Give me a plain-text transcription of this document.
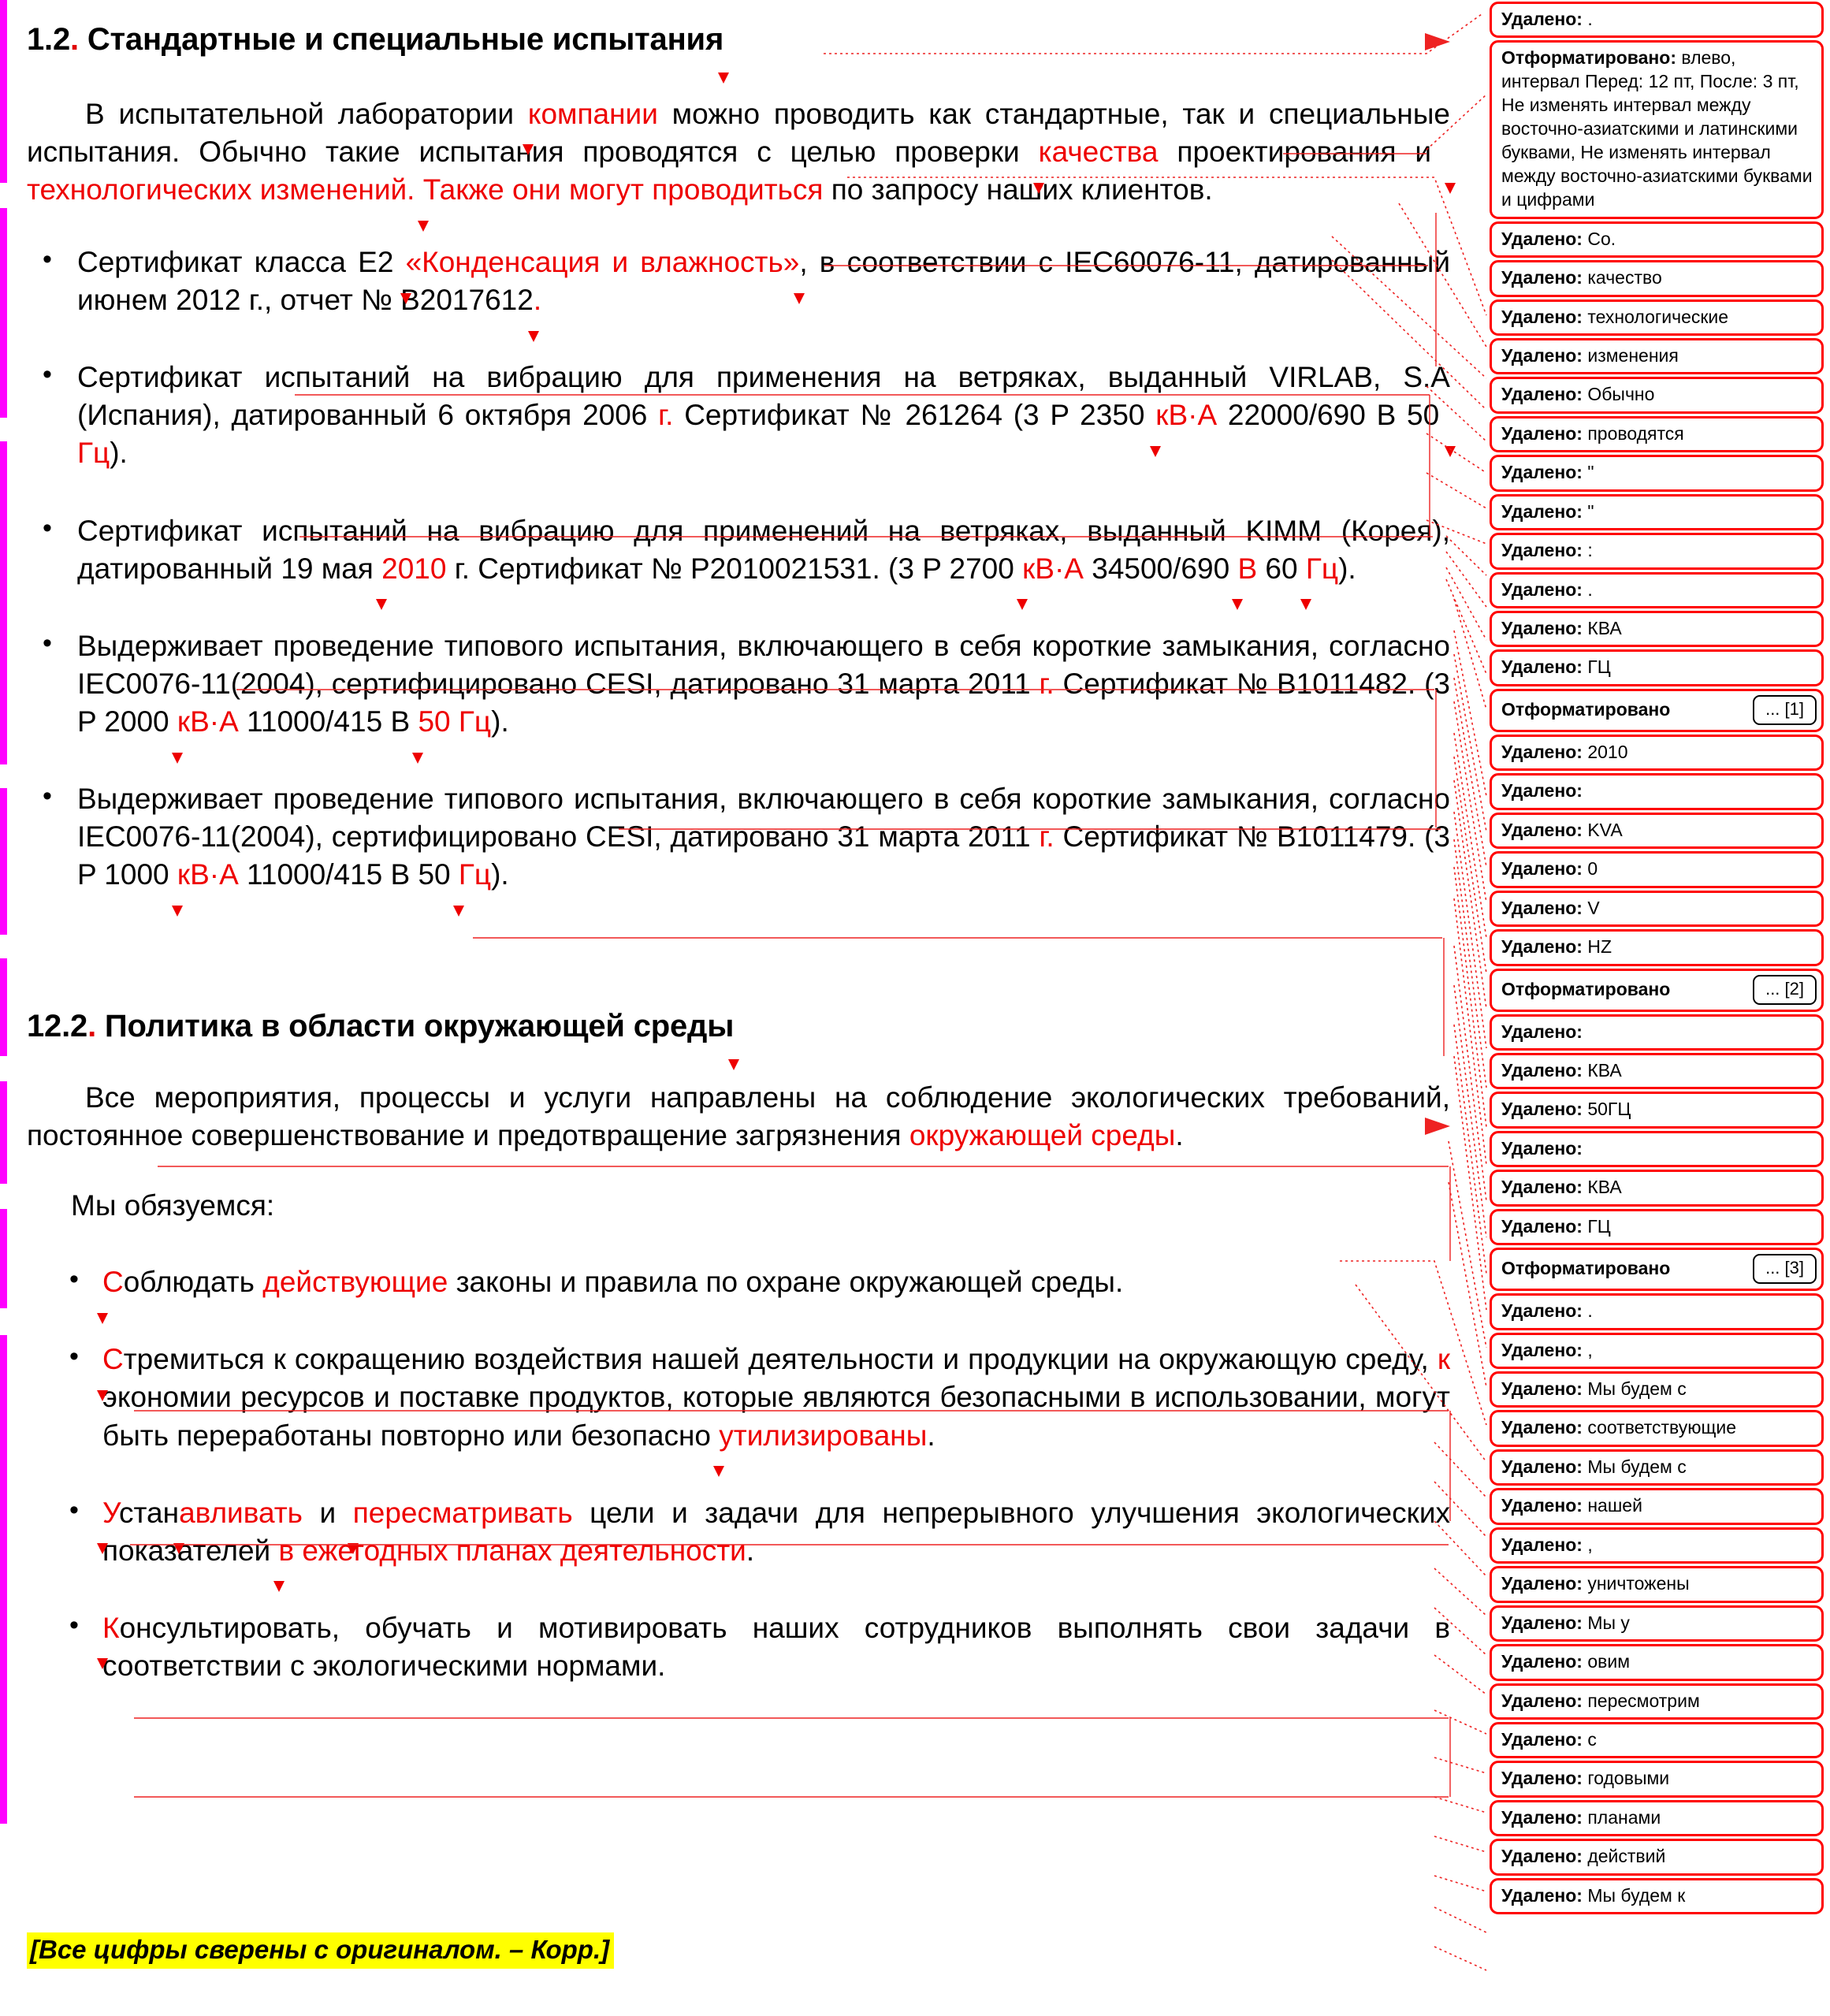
1.2. Стандартные и специальные испытания

В испытательной лаборатории компании можно проводить как стандартные, так и специальные испытания. Обычно такие испытания проводятся с целью проверки качества проектирования и технологических изменений. Также они могут проводиться по запросу наших клиентов.

• Сертификат класса E2 «Конденсация и влажность», в соответствии с IEC60076-11, датированный июнем 2012 г., отчет № B2017612.
• Сертификат испытаний на вибрацию для применения на ветряках, выданный VIRLAB, S.A (Испания), датированный 6 октября 2006 г. Сертификат № 261264 (3 P 2350 кВ·А 22000/690 В 50 Гц).
• Сертификат испытаний на вибрацию для применений на ветряках, выданный KIMM (Корея), датированный 19 мая 2010 г. Сертификат № P2010021531. (3 P 2700 кВ·А 34500/690 В 60 Гц).
• Выдерживает проведение типового испытания, включающего в себя короткие замыкания, согласно IEC0076-11(2004), сертифицировано CESI, датировано 31 марта 2011 г. Сертификат № B1011482. (3 P 2000 кВ·А 11000/415 В 50 Гц).
• Выдерживает проведение типового испытания, включающего в себя короткие замыкания, согласно IEC0076-11(2004), сертифицировано CESI, датировано 31 марта 2011 г. Сертификат № B1011479. (3 P 1000 кВ·А 11000/415 В 50 Гц).
12.2. Политика в области окружающей среды

Все мероприятия, процессы и услуги направлены на соблюдение экологических требований, постоянное совершенствование и предотвращение загрязнения окружающей среды.

Мы обязуемся:

• Соблюдать действующие законы и правила по охране окружающей среды.
• Стремиться к сокращению воздействия нашей деятельности и продукции на окружающую среду, к экономии ресурсов и поставке продуктов, которые являются безопасными в использовании, могут быть переработаны повторно или безопасно утилизированы.
• Устанавливать и пересматривать цели и задачи для непрерывного улучшения экологических показателей в ежегодных планах деятельности.
• Консультировать, обучать и мотивировать наших сотрудников выполнять свои задачи в соответствии с экологическими нормами.
[Все цифры сверены с оригиналом. – Корр.]
Удалено: .
Отформатировано: влево, интервал Перед: 12 пт, После: 3 пт, Не изменять интервал между восточно-азиатскими и латинскими буквами, Не изменять интервал между восточно-азиатскими буквами и цифрами
Удалено: Co.
Удалено: качество
Удалено: технологические
Удалено: изменения
Удалено: Обычно
Удалено: проводятся
Удалено: "
Удалено: "
Удалено: :
Удалено: .
Удалено: КВА
Удалено: ГЦ
Отформатировано	... [1]
Удалено: 2010
Удалено:
Удалено: KVA
Удалено: 0
Удалено: V
Удалено: HZ
Отформатировано	... [2]
Удалено:
Удалено: КВА
Удалено: 50ГЦ
Удалено:
Удалено: КВА
Удалено: ГЦ
Отформатировано	... [3]
Удалено: .
Удалено: ,
Удалено: Мы будем с
Удалено: соответствующие
Удалено: Мы будем с
Удалено: нашей
Удалено: ,
Удалено: уничтожены
Удалено: Мы у
Удалено: овим
Удалено: пересмотрим
Удалено: с
Удалено: годовыми
Удалено: планами
Удалено: действий
Удалено: Мы будем к
